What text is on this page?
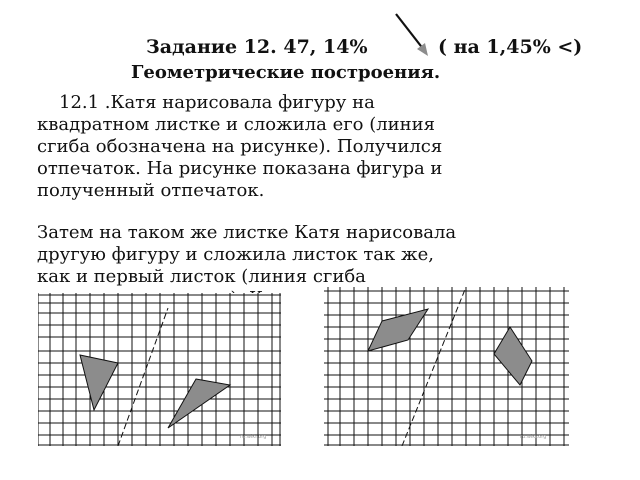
Задание 12. 47, 14%	( на 1,45% <)
Геометрические построения.
12.1 .Катя нарисовала фигуру на
квадратном листке и сложила его (линия
сгиба обозначена на рисунке). Получился
отпечаток. На рисунке показана фигура и
полученный отпечаток.
Затем на таком же листке Катя нарисовала
другую фигуру и сложила листок так же,
как и первый листок (линия сгиба
ке). К
аток
ru.wiki.org	ru.wiki.org
